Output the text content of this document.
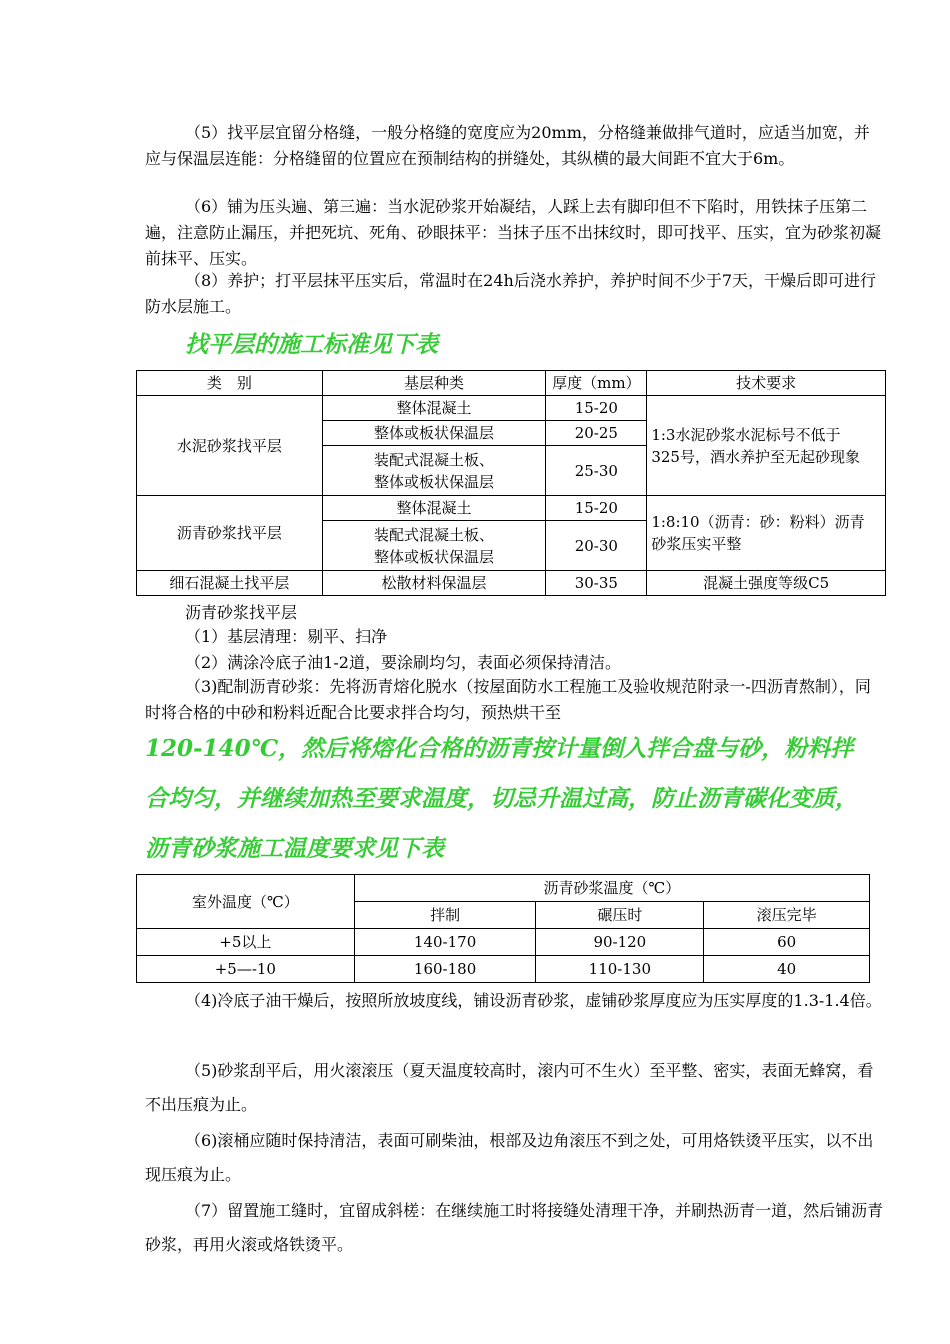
（5）找平层宜留分格缝，一般分格缝的宽度应为20mm，分格缝兼做排气道时，应适当加宽，并应与保温层连能：分格缝留的位置应在预制结构的拼缝处，其纵横的最大间距不宜大于6m。

（6）铺为压头遍、第三遍：当水泥砂浆开始凝结，人踩上去有脚印但不下陷时，用铁抹子压第二遍，注意防止漏压，并把死坑、死角、砂眼抹平：当抹子压不出抹纹时，即可找平、压实，宜为砂浆初凝前抹平、压实。

（8）养护；打平层抹平压实后，常温时在24h后浇水养护，养护时间不少于7天，干燥后即可进行防水层施工。

找平层的施工标准见下表
类　别	基层种类	厚度（mm）	技术要求
水泥砂浆找平层	整体混凝土	15-20	1:3水泥砂浆水泥标号不低于
325号，酒水养护至无起砂现象

	整体或板状保温层	20-25	

	装配式混凝土板、
整体或板状保温层	25-30	
沥青砂浆找平层	整体混凝土	15-20	1:8:10（沥青：砂：粉料）沥青
砂浆压实平整

	装配式混凝土板、
整体或板状保温层	20-30	
细石混凝土找平层	松散材料保温层	30-35	混凝土强度等级C5

沥青砂浆找平层

（1）基层清理：剔平、扫净

（2）满涂冷底子油1-2道，要涂刷均匀，表面必须保持清洁。

（3)配制沥青砂浆：先将沥青熔化脱水（按屋面防水工程施工及验收规范附录一-四沥青熬制），同时将合格的中砂和粉料近配合比要求拌合均匀，预热烘干至

120-140℃，然后将熔化合格的沥青按计量倒入拌合盘与砂，粉料拌

合均匀，并继续加热至要求温度，切忌升温过高，防止沥青碳化变质，

沥青砂浆施工温度要求见下表

室外温度（℃）	沥青砂浆温度（℃）		
	拌制	碾压时	滚压完毕
+5以上	140-170	90-120	60
+5—-10	160-180	110-130	40

（4)冷底子油干燥后，按照所放坡度线，铺设沥青砂浆，虚铺砂浆厚度应为压实厚度的1.3-1.4倍。

（5)砂浆刮平后，用火滚滚压（夏天温度较高时，滚内可不生火）至平整、密实，表面无蜂窝，看不出压痕为止。

（6)滚桶应随时保持清洁，表面可刷柴油，根部及边角滚压不到之处，可用烙铁烫平压实，以不出现压痕为止。

（7）留置施工缝时，宜留成斜槎：在继续施工时将接缝处清理干净，并刷热沥青一道，然后铺沥青砂浆，再用火滚或烙铁烫平。
